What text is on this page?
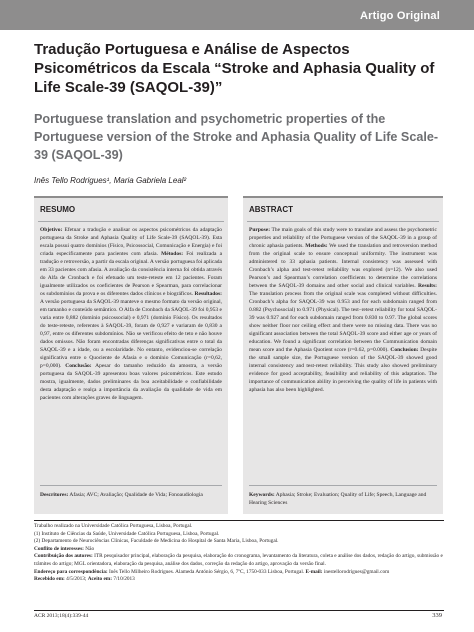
Artigo Original
Tradução Portuguesa e Análise de Aspectos Psicométricos da Escala “Stroke and Aphasia Quality of Life Scale-39 (SAQOL-39)”
Portuguese translation and psychometric properties of the Portuguese version of the Stroke and Aphasia Quality of Life Scale-39 (SAQOL-39)
Inês Tello Rodrigues¹, Maria Gabriela Leal²
RESUMO

Objetivo: Efetuar a tradução e analisar os aspectos psicométricos da adaptação portuguesa da Stroke and Aphasia Quality of Life Scale-39 (SAQOL-39). Esta escala possui quatro domínios (Físico, Psicossocial, Comunicação e Energia) e foi criada especificamente para pacientes com afasia. Métodos: Foi realizada a tradução e retroversão, a partir da escala original. A versão portuguesa foi aplicada em 33 pacientes com afasia. A avaliação da consistência interna foi obtida através do Alfa de Cronbach e foi efetuado um teste-reteste em 12 pacientes. Foram igualmente utilizados os coeficientes de Pearson e Spearman, para correlacionar os subdomínios da prova e os diferentes dados clínicos e biográficos. Resultados: A versão portuguesa da SAQOL-39 manteve o mesmo formato da versão original, em tamanho e conteúdo semântico. O Alfa de Cronbach da SAQOL-39 foi 0,953 e varia entre 0,882 (domínio psicossocial) e 0,971 (domínio Físico). Os resultados do teste-reteste, referentes à SAQOL-39, foram de 0,927 e variaram de 0,830 a 0,97, entre os diferentes subdomínios. Não se verificou efeito de teto e não houve dados omissos. Não foram encontradas diferenças significativas entre o total da SAQOL-39 e a idade, ou a escolaridade. No entanto, evidenciou-se correlação significativa entre o Quociente de Afasia e o domínio Comunicação (r=0,62, p=0,000). Conclusão: Apesar do tamanho reduzido da amostra, a versão portuguesa da SAQOL-39 apresentou boas valores psicométricos. Este estudo mostra, igualmente, dados preliminares da boa aceitabilidade e confiabilidade desta adaptação e realça a importância da avaliação da qualidade de vida em pacientes com alterações graves de linguagem.

Descritores: Afasia; AVC; Avaliação; Qualidade de Vida; Fonoaudiologia
ABSTRACT

Purpose: The main goals of this study were to translate and assess the psychometric properties and reliability of the Portuguese version of the SAQOL-39 in a group of chronic aphasia patients. Methods: We used the translation and retroversion method from the original scale to ensure conceptual uniformity. The instrument was administered to 33 aphasia patients. Internal consistency was assessed with Cronbach’s alpha and test-retest reliability was explored (n=12). We also used Pearson’s and Spearman’s correlation coefficients to determine the correlations between the SAQOL-39 domains and other social and clinical variables. Results: The translation process from the original scale was completed without difficulties. Cronbach’s alpha for SAQOL-39 was 0.953 and for each subdomain ranged from 0.882 (Psychosocial) to 0.971 (Physical). The test–retest reliability for total SAQOL-39 was 0.927 and for each subdomain ranged from 0.830 to 0.97. The global scores show neither floor nor ceiling effect and there were no missing data. There was no significant association between the total SAQOL-39 score and either age or years of education. We found a significant correlation between the Communication domain mean score and the Aphasia Quotient score (r=0.62, p=0.000). Conclusion: Despite the small sample size, the Portuguese version of the SAQOL-39 showed good internal consistency and test-retest reliability. This study also showed preliminary evidence for good acceptability, feasibility and reliability of this adaptation. The importance of communication ability in perceiving the quality of life in patients with aphasia has also been highlighted.

Keywords: Aphasia; Stroke; Evaluation; Quality of Life; Speech, Language and Hearing Sciences
Trabalho realizado na Universidade Católica Portuguesa, Lisboa, Portugal.
(1) Instituto de Ciências da Saúde, Universidade Católica Portuguesa, Lisboa, Portugal.
(2) Departamento de Neurociências Clínicas, Faculdade de Medicina do Hospital de Santa Maria, Lisboa, Portugal.
Conflito de interesses: Não
Contribuição dos autores: ITR pesquisador principal, elaboração da pesquisa, elaboração do cronograma, levantamento da literatura, coleta e análise dos dados, redação do artigo, submissão e trâmites do artigo; MGL orientadora, elaboração da pesquisa, análise dos dados, correção da redação do artigo, aprovação da versão final.
Endereço para correspondência: Inês Tello Milheiro Rodrigues. Alameda António Sérgio, 6, 7ºC, 1750-033 Lisboa, Portugal. E-mail: inestellorodrigues@gmail.com
Recebido em: 4/5/2013; Aceito em: 7/10/2013
ACR 2013;18(4):339-44	339
